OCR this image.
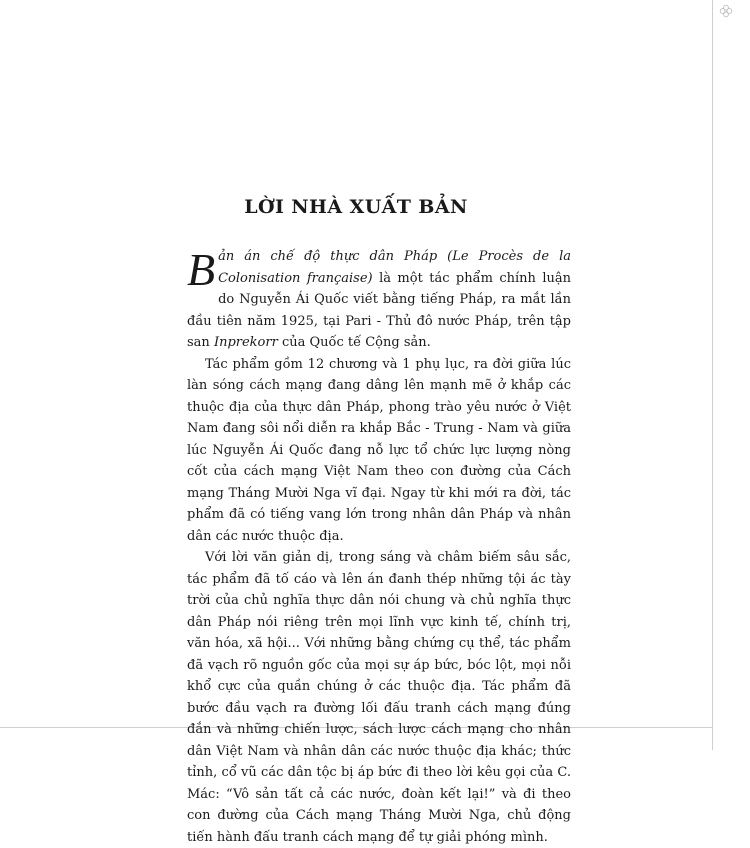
LỜI NHÀ XUẤT BẢN

Bản án chế độ thực dân Pháp (Le Procès de la Colonisation française) là một tác phẩm chính luận do Nguyễn Ái Quốc viết bằng tiếng Pháp, ra mắt lần đầu tiên năm 1925, tại Pari - Thủ đô nước Pháp, trên tập san Inprekorr của Quốc tế Cộng sản.

Tác phẩm gồm 12 chương và 1 phụ lục, ra đời giữa lúc làn sóng cách mạng đang dâng lên mạnh mẽ ở khắp các thuộc địa của thực dân Pháp, phong trào yêu nước ở Việt Nam đang sôi nổi diễn ra khắp Bắc - Trung - Nam và giữa lúc Nguyễn Ái Quốc đang nỗ lực tổ chức lực lượng nòng cốt của cách mạng Việt Nam theo con đường của Cách mạng Tháng Mười Nga vĩ đại. Ngay từ khi mới ra đời, tác phẩm đã có tiếng vang lớn trong nhân dân Pháp và nhân dân các nước thuộc địa.

Với lời văn giản dị, trong sáng và châm biếm sâu sắc, tác phẩm đã tố cáo và lên án đanh thép những tội ác tày trời của chủ nghĩa thực dân nói chung và chủ nghĩa thực dân Pháp nói riêng trên mọi lĩnh vực kinh tế, chính trị, văn hóa, xã hội... Với những bằng chứng cụ thể, tác phẩm đã vạch rõ nguồn gốc của mọi sự áp bức, bóc lột, mọi nỗi khổ cực của quần chúng ở các thuộc địa. Tác phẩm đã bước đầu vạch ra đường lối đấu tranh cách mạng đúng đắn và những chiến lược, sách lược cách mạng cho nhân dân Việt Nam và nhân dân các nước thuộc địa khác; thức tỉnh, cổ vũ các dân tộc bị áp bức đi theo lời kêu gọi của C. Mác: “Vô sản tất cả các nước, đoàn kết lại!” và đi theo con đường của Cách mạng Tháng Mười Nga, chủ động tiến hành đấu tranh cách mạng để tự giải phóng mình.
